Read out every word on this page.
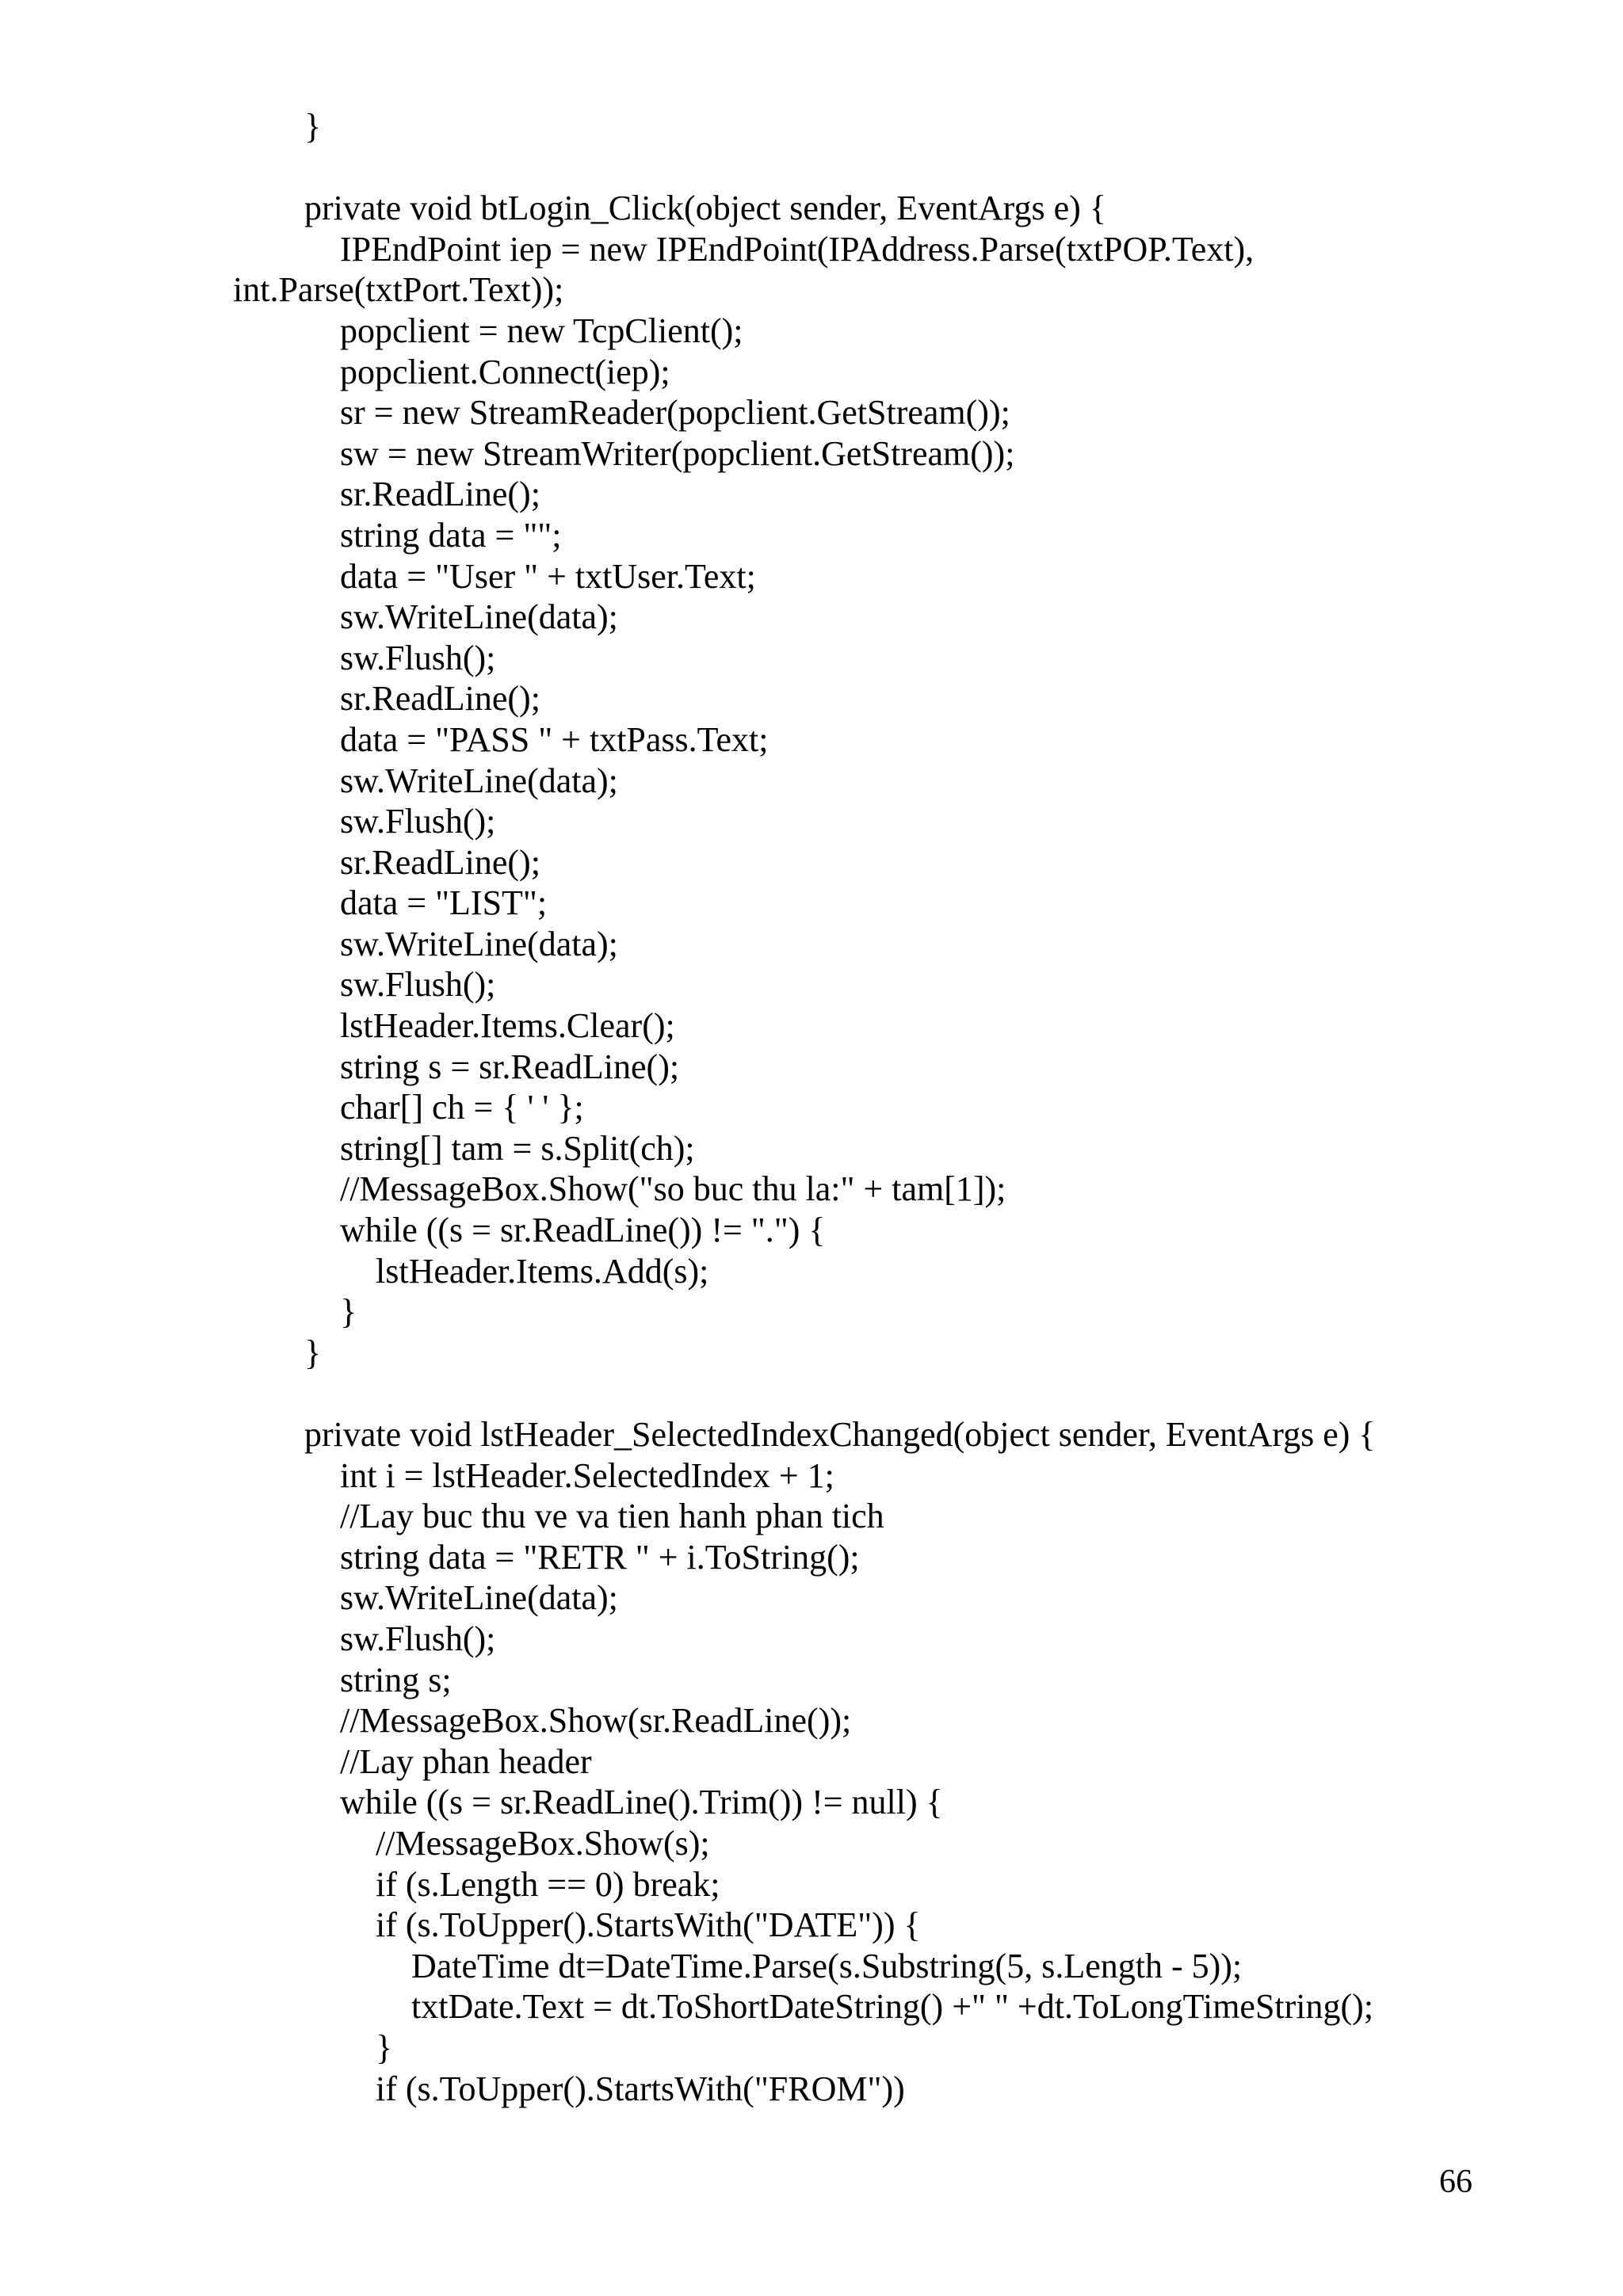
}
private void btLogin_Click(object sender, EventArgs e) {
IPEndPoint iep = new IPEndPoint(IPAddress.Parse(txtPOP.Text),
int.Parse(txtPort.Text));
popclient = new TcpClient();
popclient.Connect(iep);
sr = new StreamReader(popclient.GetStream());
sw = new StreamWriter(popclient.GetStream());
sr.ReadLine();
string data = "";
data = "User " + txtUser.Text;
sw.WriteLine(data);
sw.Flush();
sr.ReadLine();
data = "PASS " + txtPass.Text;
sw.WriteLine(data);
sw.Flush();
sr.ReadLine();
data = "LIST";
sw.WriteLine(data);
sw.Flush();
lstHeader.Items.Clear();
string s = sr.ReadLine();
char[] ch = { ' ' };
string[] tam = s.Split(ch);
//MessageBox.Show("so buc thu la:" + tam[1]);
while ((s = sr.ReadLine()) != ".") {
lstHeader.Items.Add(s);
}
}
private void lstHeader_SelectedIndexChanged(object sender, EventArgs e) {
int i = lstHeader.SelectedIndex + 1;
//Lay buc thu ve va tien hanh phan tich
string data = "RETR " + i.ToString();
sw.WriteLine(data);
sw.Flush();
string s;
//MessageBox.Show(sr.ReadLine());
//Lay phan header
while ((s = sr.ReadLine().Trim()) != null) {
//MessageBox.Show(s);
if (s.Length == 0) break;
if (s.ToUpper().StartsWith("DATE")) {
DateTime dt=DateTime.Parse(s.Substring(5, s.Length - 5));
txtDate.Text = dt.ToShortDateString() +" " +dt.ToLongTimeString();
}
if (s.ToUpper().StartsWith("FROM"))
66
